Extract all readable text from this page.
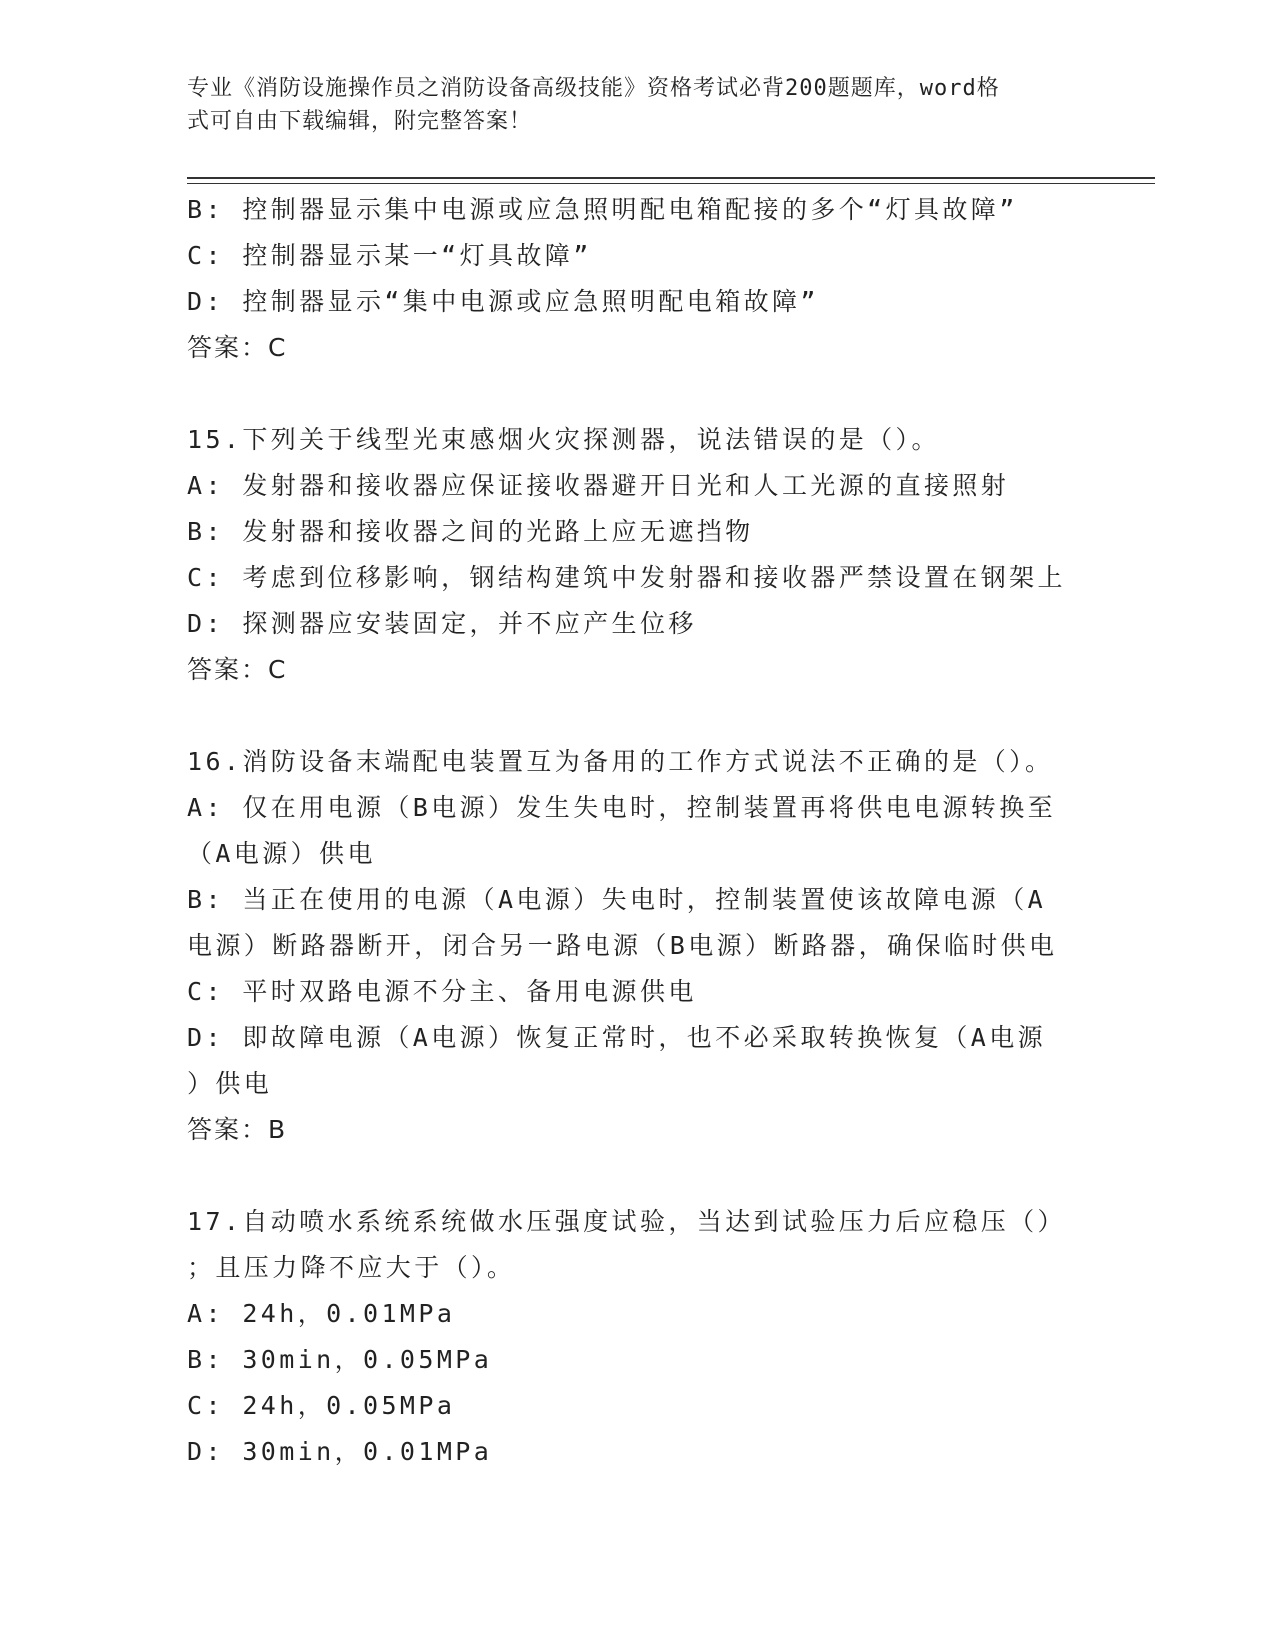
专业《消防设施操作员之消防设备高级技能》资格考试必背200题题库，word格
式可自由下载编辑，附完整答案！
B: 控制器显示集中电源或应急照明配电箱配接的多个“灯具故障”
C: 控制器显示某一“灯具故障”
D: 控制器显示“集中电源或应急照明配电箱故障”
答案：C
15.下列关于线型光束感烟火灾探测器，说法错误的是（）。
A: 发射器和接收器应保证接收器避开日光和人工光源的直接照射
B: 发射器和接收器之间的光路上应无遮挡物
C: 考虑到位移影响，钢结构建筑中发射器和接收器严禁设置在钢架上
D: 探测器应安装固定，并不应产生位移
答案：C
16.消防设备末端配电装置互为备用的工作方式说法不正确的是（）。
A: 仅在用电源（B电源）发生失电时，控制装置再将供电电源转换至
（A电源）供电
B: 当正在使用的电源（A电源）失电时，控制装置使该故障电源（A
电源）断路器断开，闭合另一路电源（B电源）断路器，确保临时供电
C: 平时双路电源不分主、备用电源供电
D: 即故障电源（A电源）恢复正常时，也不必采取转换恢复（A电源
）供电
答案：B
17.自动喷水系统系统做水压强度试验，当达到试验压力后应稳压（）
；且压力降不应大于（）。
A: 24h，0.01MPa
B: 30min，0.05MPa
C: 24h，0.05MPa
D: 30min，0.01MPa
